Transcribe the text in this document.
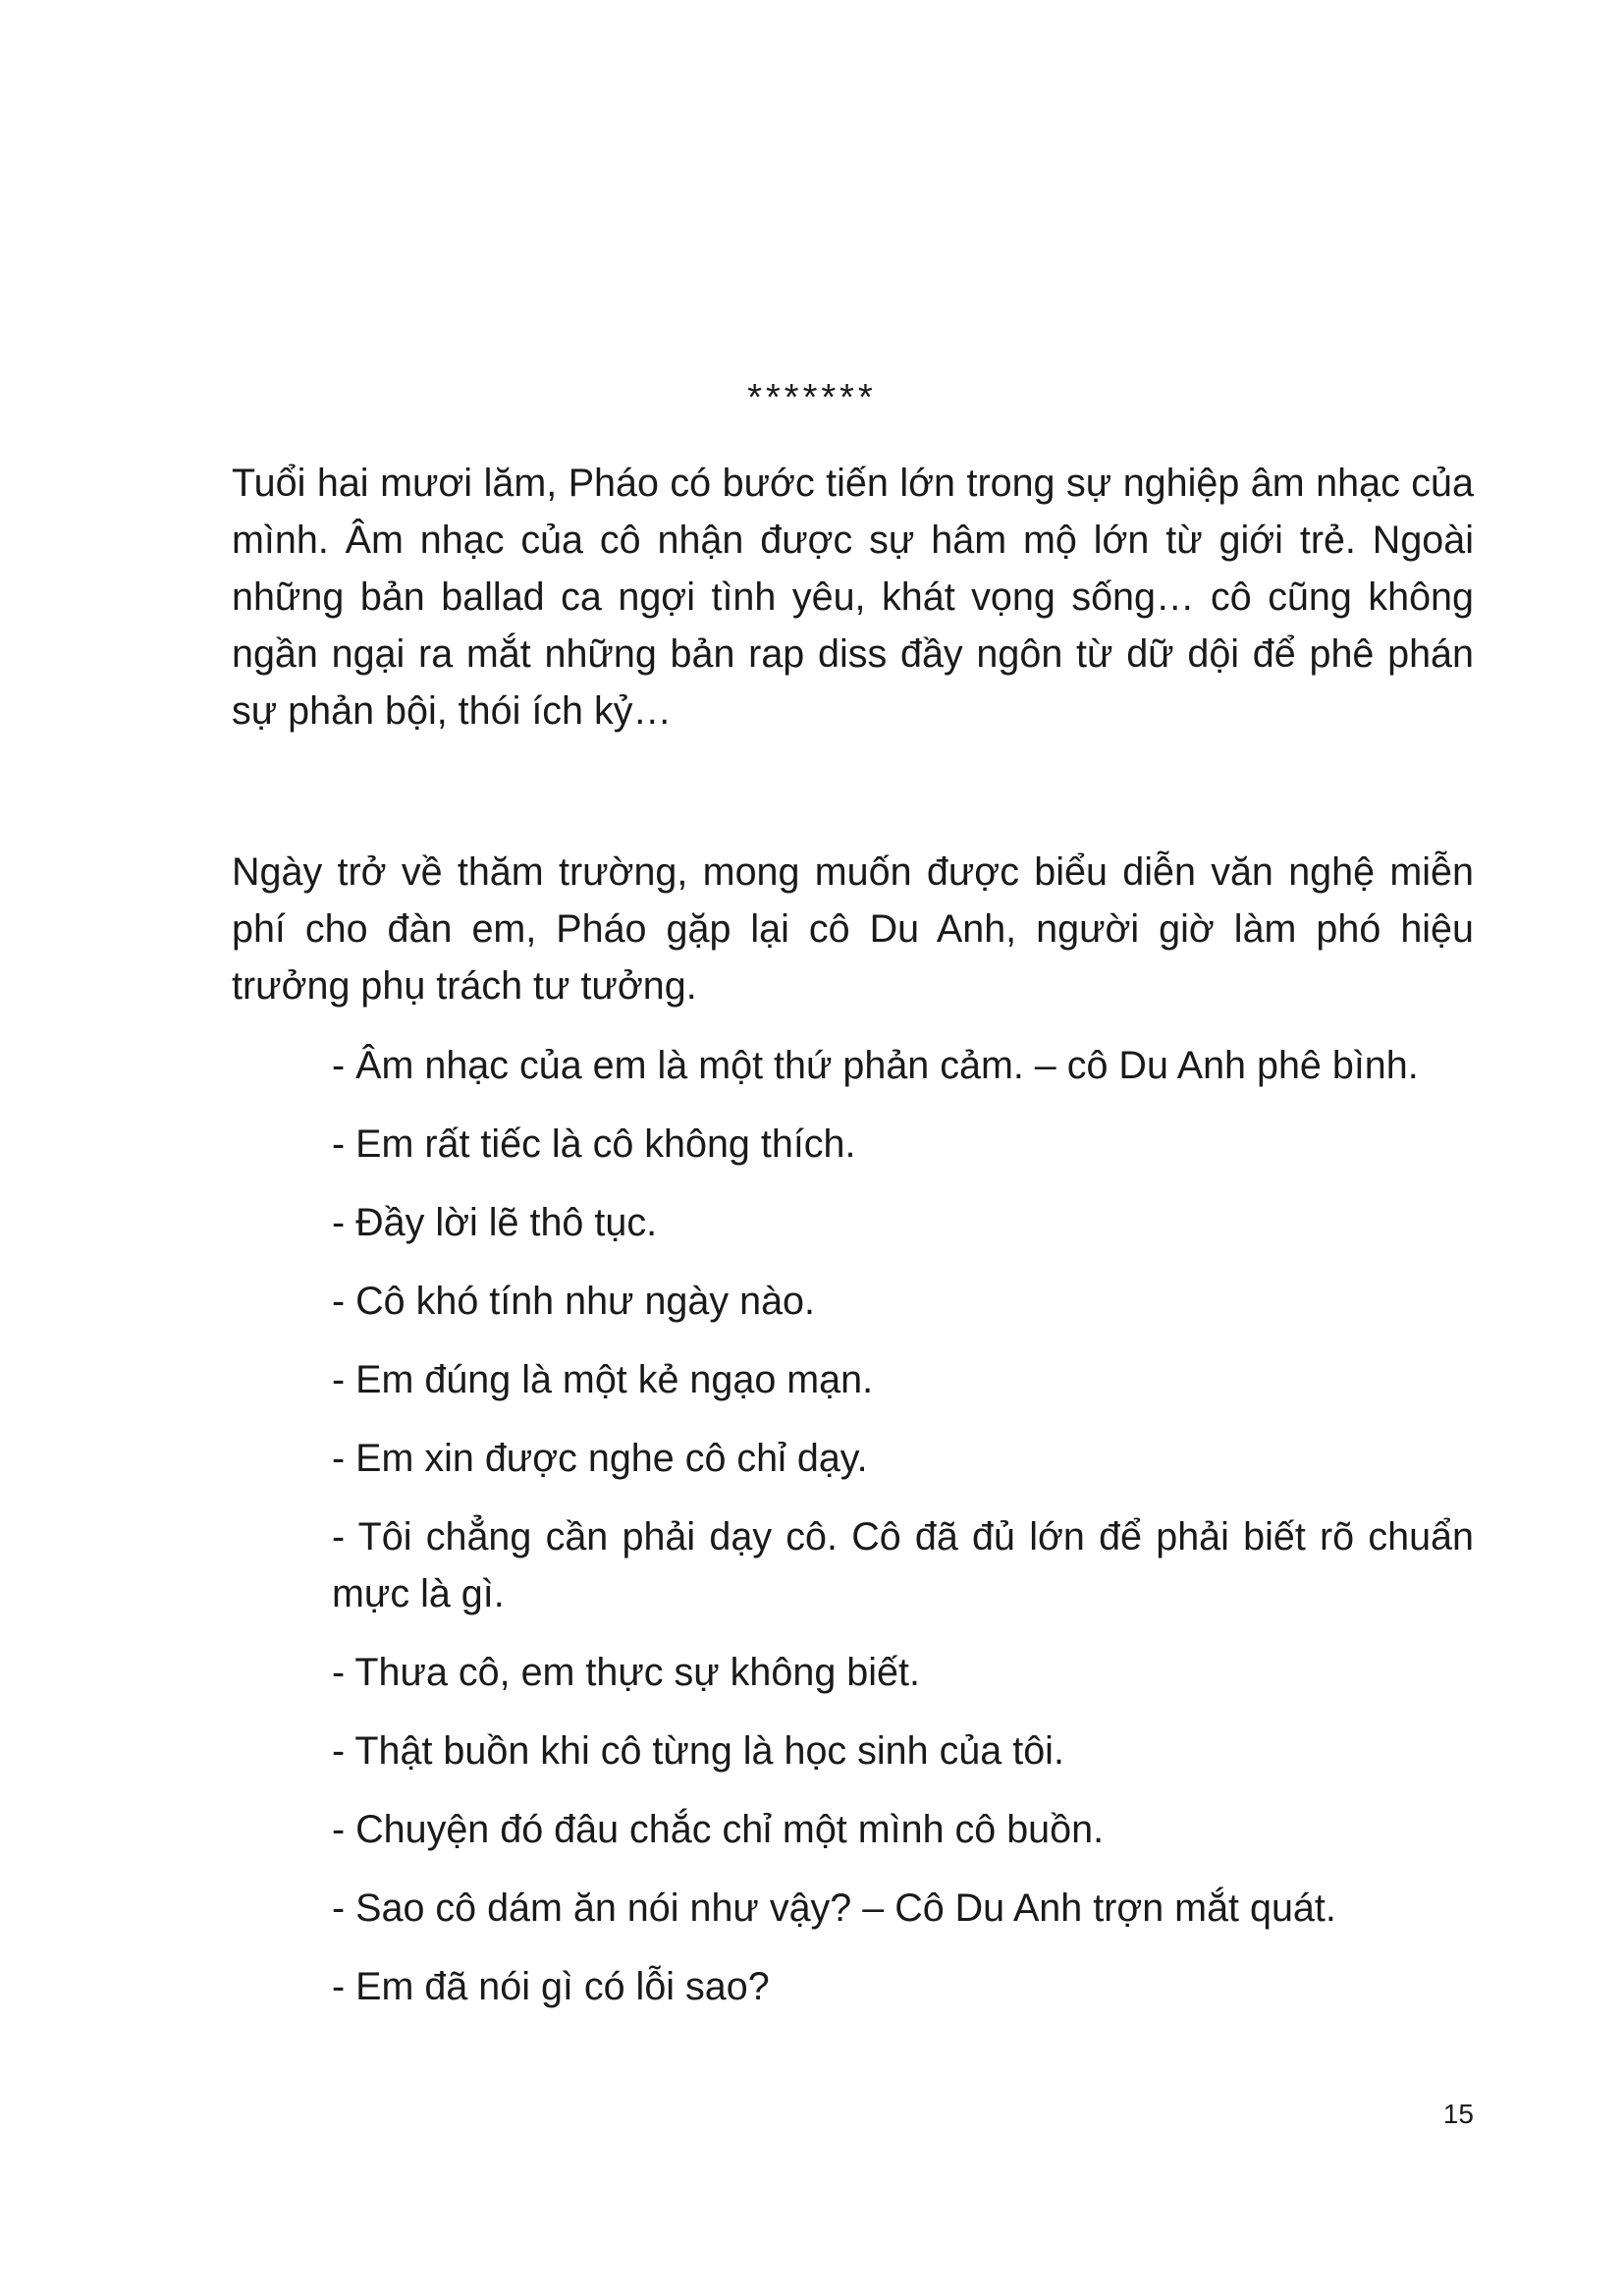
*******

Tuổi hai mươi lăm, Pháo có bước tiến lớn trong sự nghiệp âm nhạc của mình. Âm nhạc của cô nhận được sự hâm mộ lớn từ giới trẻ. Ngoài những bản ballad ca ngợi tình yêu, khát vọng sống… cô cũng không ngần ngại ra mắt những bản rap diss đầy ngôn từ dữ dội để phê phán sự phản bội, thói ích kỷ…

Ngày trở về thăm trường, mong muốn được biểu diễn văn nghệ miễn phí cho đàn em, Pháo gặp lại cô Du Anh, người giờ làm phó hiệu trưởng phụ trách tư tưởng.

- Âm nhạc của em là một thứ phản cảm. – cô Du Anh phê bình.
- Em rất tiếc là cô không thích.
- Đầy lời lẽ thô tục.
- Cô khó tính như ngày nào.
- Em đúng là một kẻ ngạo mạn.
- Em xin được nghe cô chỉ dạy.
- Tôi chẳng cần phải dạy cô. Cô đã đủ lớn để phải biết rõ chuẩn mực là gì.
- Thưa cô, em thực sự không biết.
- Thật buồn khi cô từng là học sinh của tôi.
- Chuyện đó đâu chắc chỉ một mình cô buồn.
- Sao cô dám ăn nói như vậy? – Cô Du Anh trợn mắt quát.
- Em đã nói gì có lỗi sao?
15
